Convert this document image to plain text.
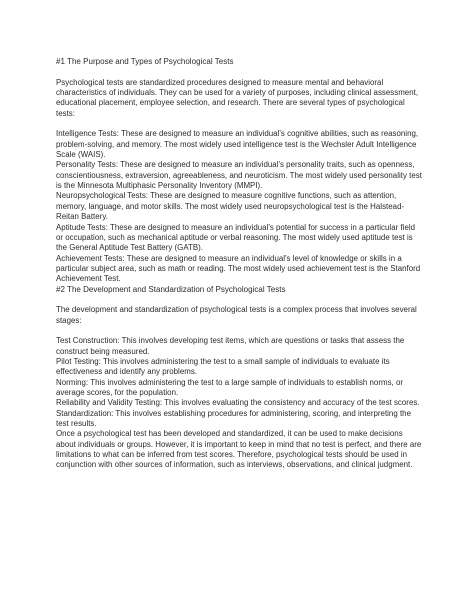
#1 The Purpose and Types of Psychological Tests

Psychological tests are standardized procedures designed to measure mental and behavioral characteristics of individuals. They can be used for a variety of purposes, including clinical assessment, educational placement, employee selection, and research. There are several types of psychological tests:

Intelligence Tests: These are designed to measure an individual's cognitive abilities, such as reasoning, problem-solving, and memory. The most widely used intelligence test is the Wechsler Adult Intelligence Scale (WAIS).

Personality Tests: These are designed to measure an individual's personality traits, such as openness, conscientiousness, extraversion, agreeableness, and neuroticism. The most widely used personality test is the Minnesota Multiphasic Personality Inventory (MMPI).

Neuropsychological Tests: These are designed to measure cognitive functions, such as attention, memory, language, and motor skills. The most widely used neuropsychological test is the Halstead-Reitan Battery.

Aptitude Tests: These are designed to measure an individual's potential for success in a particular field or occupation, such as mechanical aptitude or verbal reasoning. The most widely used aptitude test is the General Aptitude Test Battery (GATB).

Achievement Tests: These are designed to measure an individual's level of knowledge or skills in a particular subject area, such as math or reading. The most widely used achievement test is the Stanford Achievement Test.

#2 The Development and Standardization of Psychological Tests

The development and standardization of psychological tests is a complex process that involves several stages:

Test Construction: This involves developing test items, which are questions or tasks that assess the construct being measured.

Pilot Testing: This involves administering the test to a small sample of individuals to evaluate its effectiveness and identify any problems.

Norming: This involves administering the test to a large sample of individuals to establish norms, or average scores, for the population.

Reliability and Validity Testing: This involves evaluating the consistency and accuracy of the test scores.

Standardization: This involves establishing procedures for administering, scoring, and interpreting the test results.

Once a psychological test has been developed and standardized, it can be used to make decisions about individuals or groups. However, it is important to keep in mind that no test is perfect, and there are limitations to what can be inferred from test scores. Therefore, psychological tests should be used in conjunction with other sources of information, such as interviews, observations, and clinical judgment.
